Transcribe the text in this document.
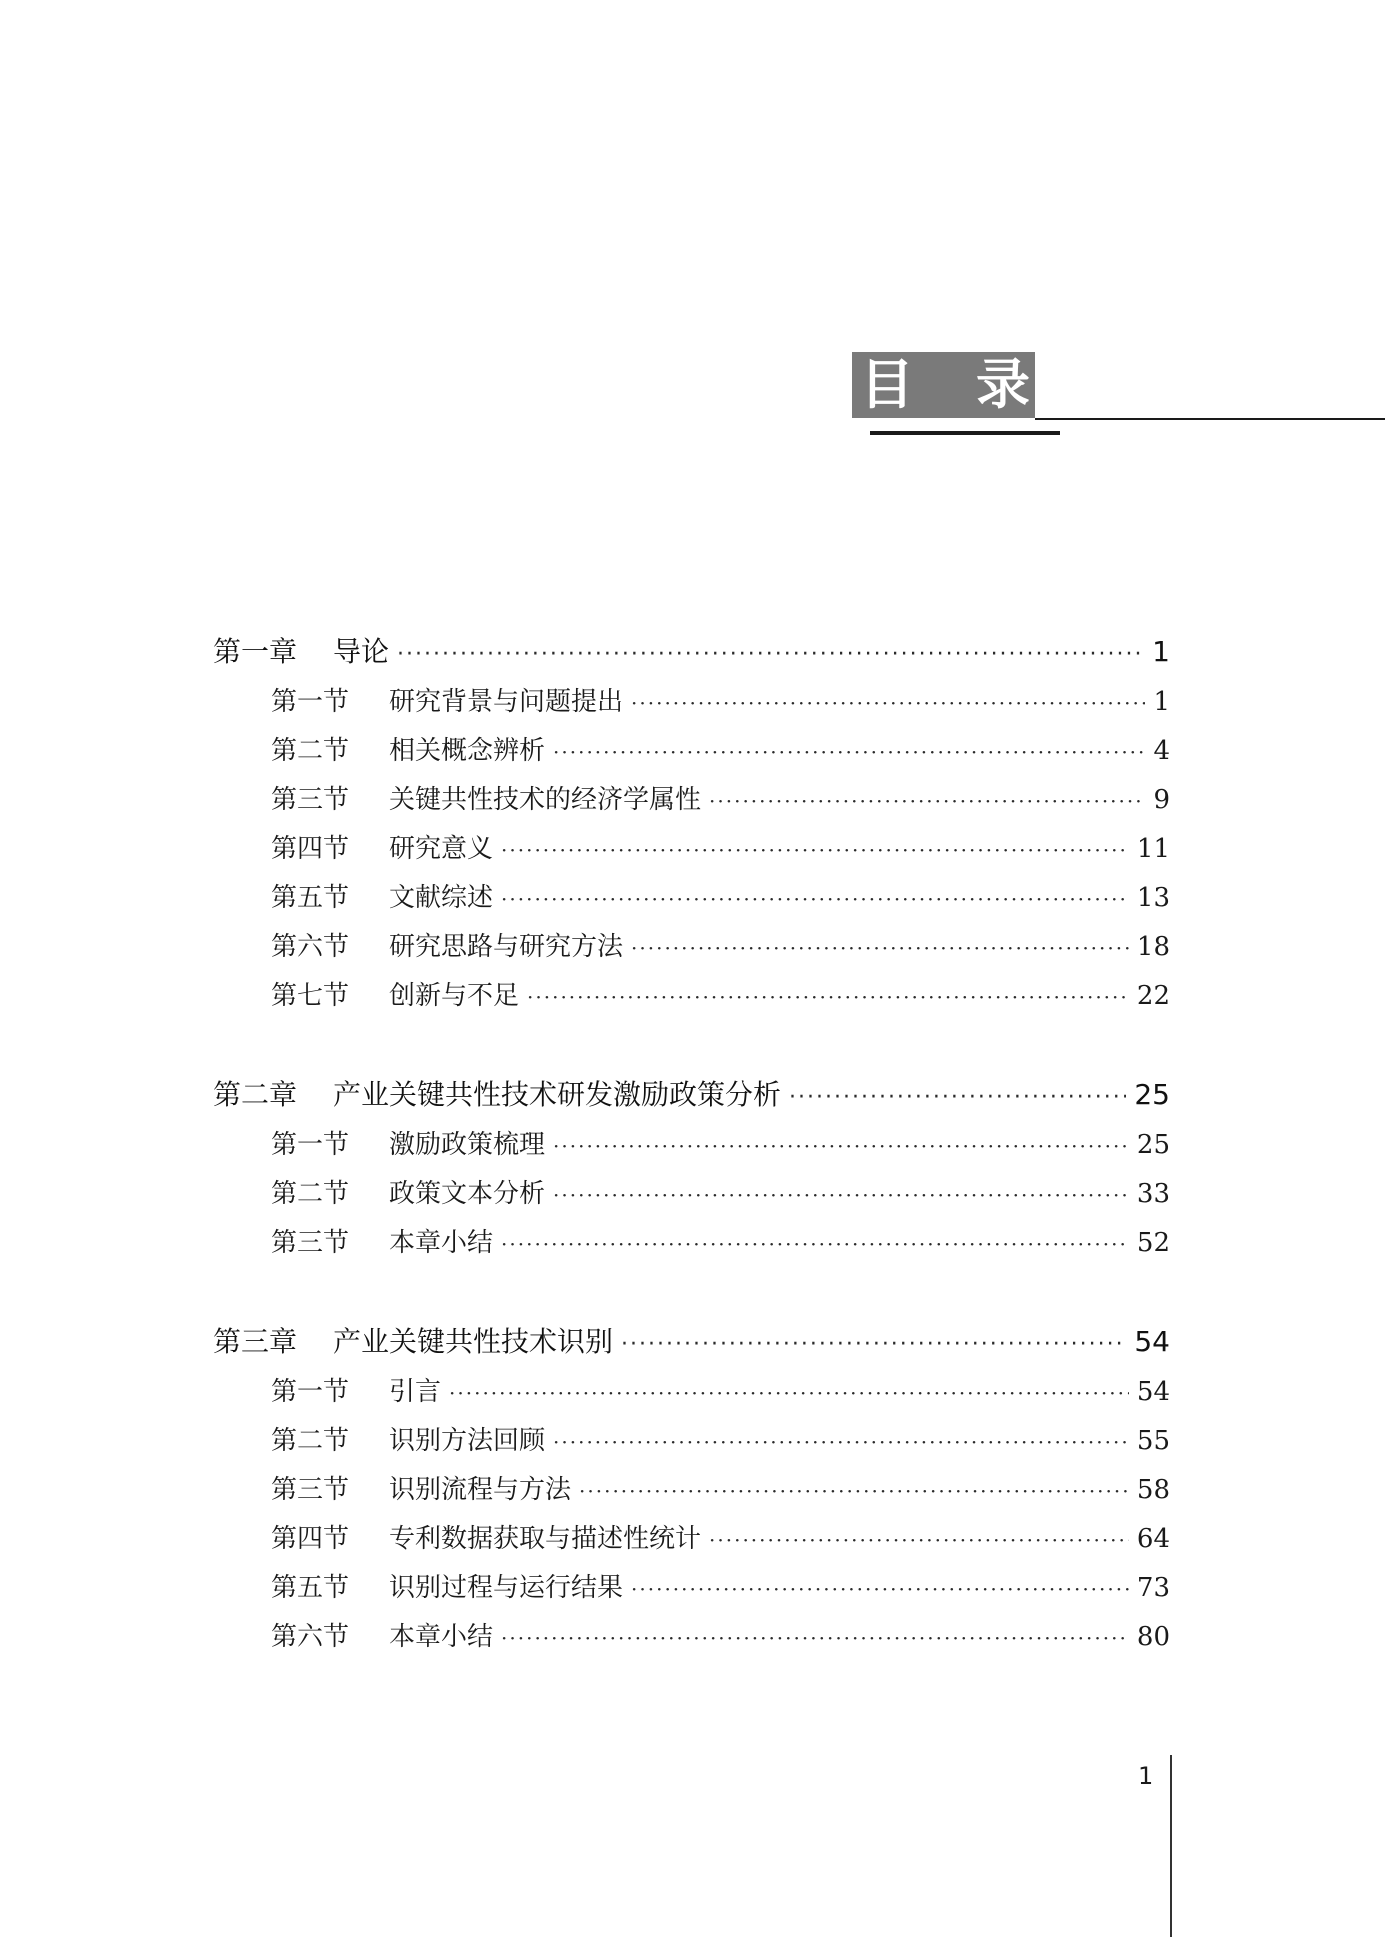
目 录
第一章	导论 ·····	1
第一节	研究背景与问题提出 ·····	1
第二节	相关概念辨析 ·····	4
第三节	关键共性技术的经济学属性 ·····	9
第四节	研究意义 ·····	11
第五节	文献综述 ·····	13
第六节	研究思路与研究方法 ·····	18
第七节	创新与不足 ·····	22
第二章	产业关键共性技术研发激励政策分析 ·····	25
第一节	激励政策梳理 ·····	25
第二节	政策文本分析 ·····	33
第三节	本章小结 ·····	52
第三章	产业关键共性技术识别 ·····	54
第一节	引言 ·····	54
第二节	识别方法回顾 ·····	55
第三节	识别流程与方法 ·····	58
第四节	专利数据获取与描述性统计 ·····	64
第五节	识别过程与运行结果 ·····	73
第六节	本章小结 ·····	80
1
